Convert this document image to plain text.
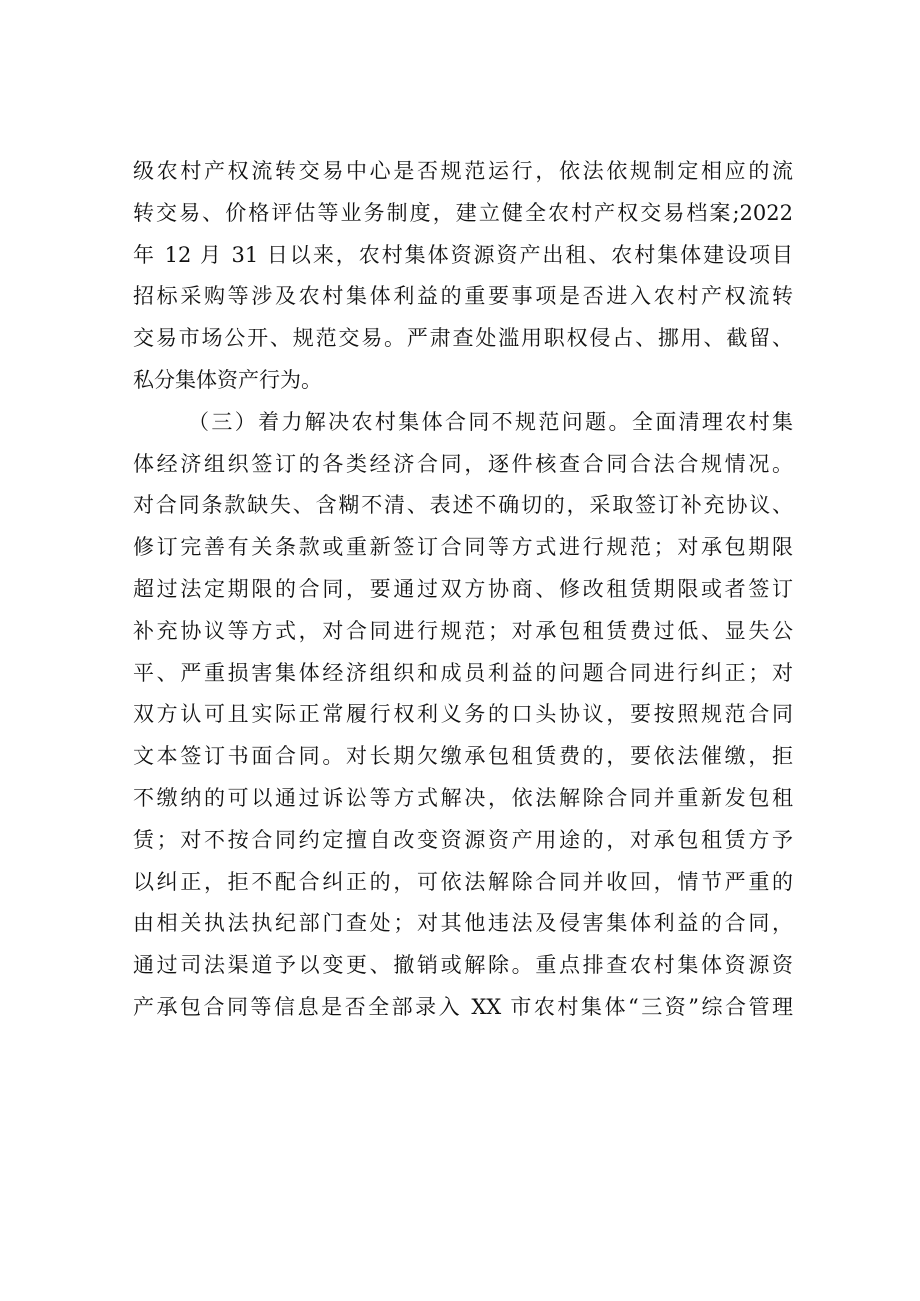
级农村产权流转交易中心是否规范运行，依法依规制定相应的流
转交易、价格评估等业务制度，建立健全农村产权交易档案;2022
年 12 月 31 日以来，农村集体资源资产出租、农村集体建设项目
招标采购等涉及农村集体利益的重要事项是否进入农村产权流转
交易市场公开、规范交易。严肃查处滥用职权侵占、挪用、截留、
私分集体资产行为。
（三）着力解决农村集体合同不规范问题。全面清理农村集
体经济组织签订的各类经济合同，逐件核查合同合法合规情况。
对合同条款缺失、含糊不清、表述不确切的，采取签订补充协议、
修订完善有关条款或重新签订合同等方式进行规范；对承包期限
超过法定期限的合同，要通过双方协商、修改租赁期限或者签订
补充协议等方式，对合同进行规范；对承包租赁费过低、显失公
平、严重损害集体经济组织和成员利益的问题合同进行纠正；对
双方认可且实际正常履行权利义务的口头协议，要按照规范合同
文本签订书面合同。对长期欠缴承包租赁费的，要依法催缴，拒
不缴纳的可以通过诉讼等方式解决，依法解除合同并重新发包租
赁；对不按合同约定擅自改变资源资产用途的，对承包租赁方予
以纠正，拒不配合纠正的，可依法解除合同并收回，情节严重的
由相关执法执纪部门查处；对其他违法及侵害集体利益的合同，
通过司法渠道予以变更、撤销或解除。重点排查农村集体资源资
产承包合同等信息是否全部录入 XX 市农村集体“三资”综合管理
